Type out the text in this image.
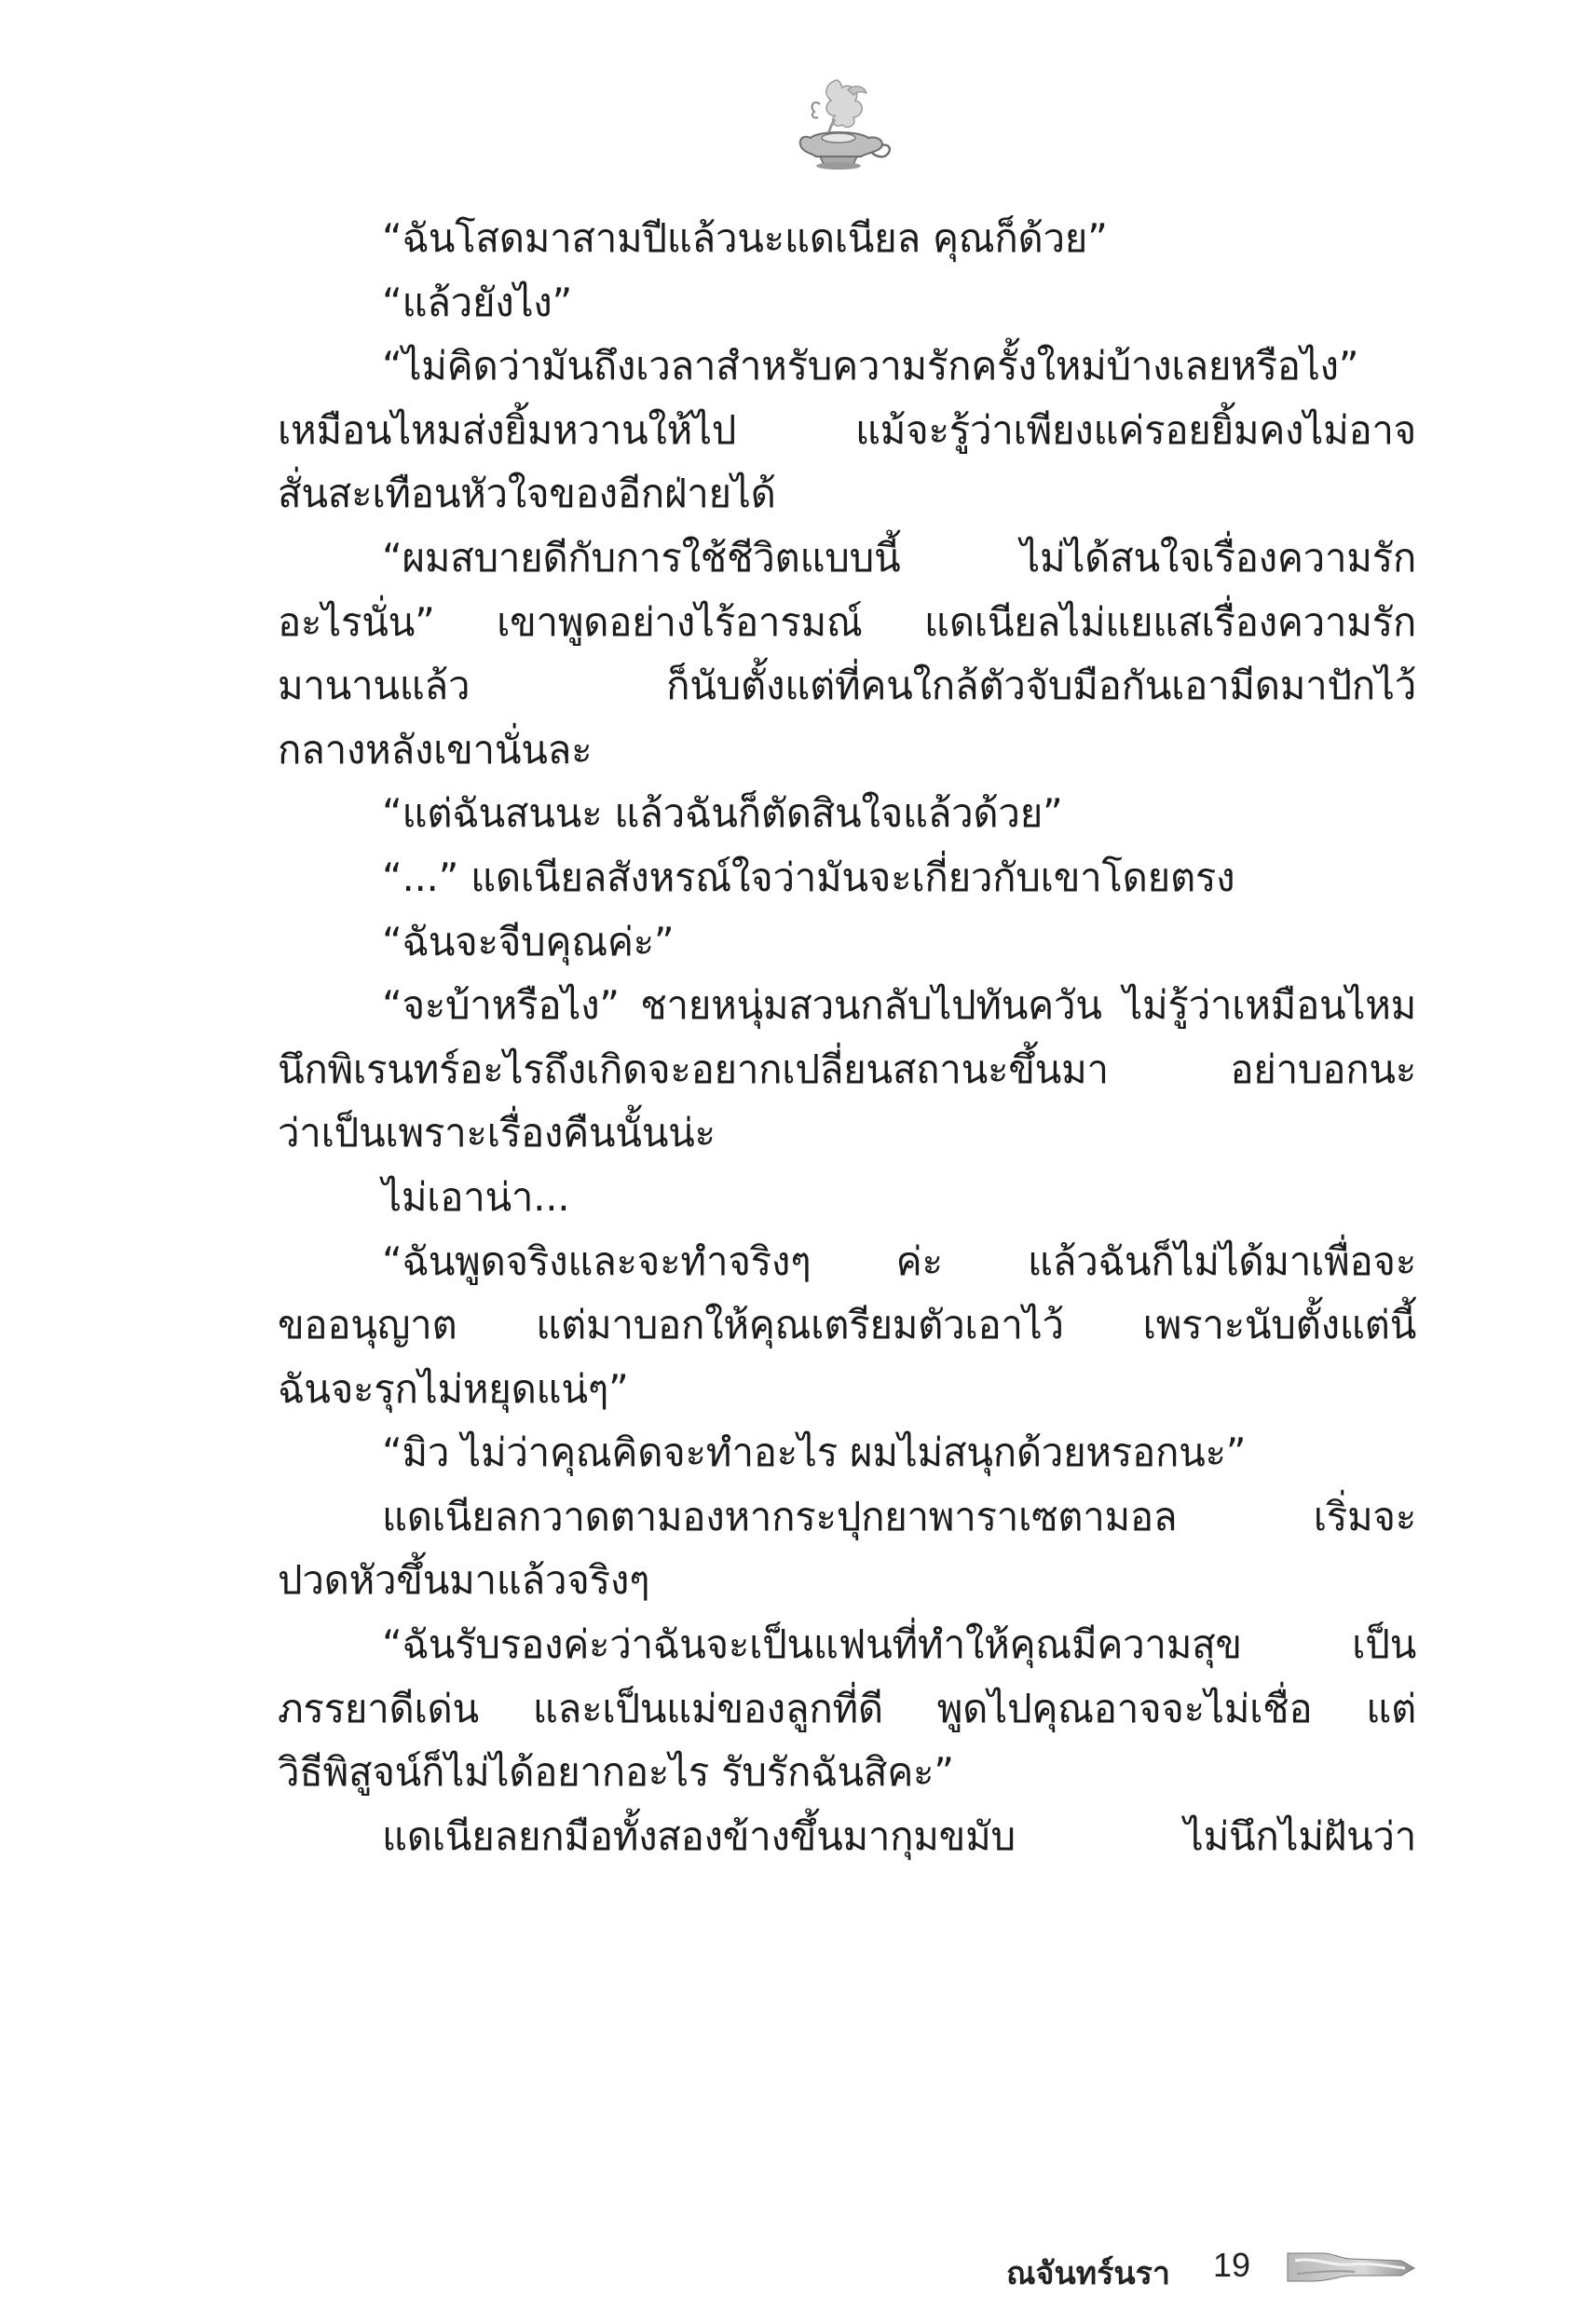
“ฉันโสดมาสามปีแล้วนะแดเนียล คุณก็ด้วย”
“แล้วยังไง”
“ไม่คิดว่ามันถึงเวลาสำหรับความรักครั้งใหม่บ้างเลยหรือไง”
เหมือนไหมส่งยิ้มหวานให้ไป แม้จะรู้ว่าเพียงแค่รอยยิ้มคงไม่อาจ
สั่นสะเทือนหัวใจของอีกฝ่ายได้
“ผมสบายดีกับการใช้ชีวิตแบบนี้ ไม่ได้สนใจเรื่องความรัก
อะไรนั่น” เขาพูดอย่างไร้อารมณ์ แดเนียลไม่แยแสเรื่องความรัก
มานานแล้ว ก็นับตั้งแต่ที่คนใกล้ตัวจับมือกันเอามีดมาปักไว้
กลางหลังเขานั่นละ
“แต่ฉันสนนะ แล้วฉันก็ตัดสินใจแล้วด้วย”
“...” แดเนียลสังหรณ์ใจว่ามันจะเกี่ยวกับเขาโดยตรง
“ฉันจะจีบคุณค่ะ”
“จะบ้าหรือไง” ชายหนุ่มสวนกลับไปทันควัน ไม่รู้ว่าเหมือนไหม
นึกพิเรนทร์อะไรถึงเกิดจะอยากเปลี่ยนสถานะขึ้นมา อย่าบอกนะ
ว่าเป็นเพราะเรื่องคืนนั้นน่ะ
ไม่เอาน่า...
“ฉันพูดจริงและจะทำจริงๆ ค่ะ แล้วฉันก็ไม่ได้มาเพื่อจะ
ขออนุญาต แต่มาบอกให้คุณเตรียมตัวเอาไว้ เพราะนับตั้งแต่นี้
ฉันจะรุกไม่หยุดแน่ๆ”
“มิว ไม่ว่าคุณคิดจะทำอะไร ผมไม่สนุกด้วยหรอกนะ”
แดเนียลกวาดตามองหากระปุกยาพาราเซตามอล เริ่มจะ
ปวดหัวขึ้นมาแล้วจริงๆ
“ฉันรับรองค่ะว่าฉันจะเป็นแฟนที่ทำให้คุณมีความสุข เป็น
ภรรยาดีเด่น และเป็นแม่ของลูกที่ดี พูดไปคุณอาจจะไม่เชื่อ แต่
วิธีพิสูจน์ก็ไม่ได้อยากอะไร รับรักฉันสิคะ”
แดเนียลยกมือทั้งสองข้างขึ้นมากุมขมับ ไม่นึกไม่ฝันว่า
ณจันทร์นรา 19
